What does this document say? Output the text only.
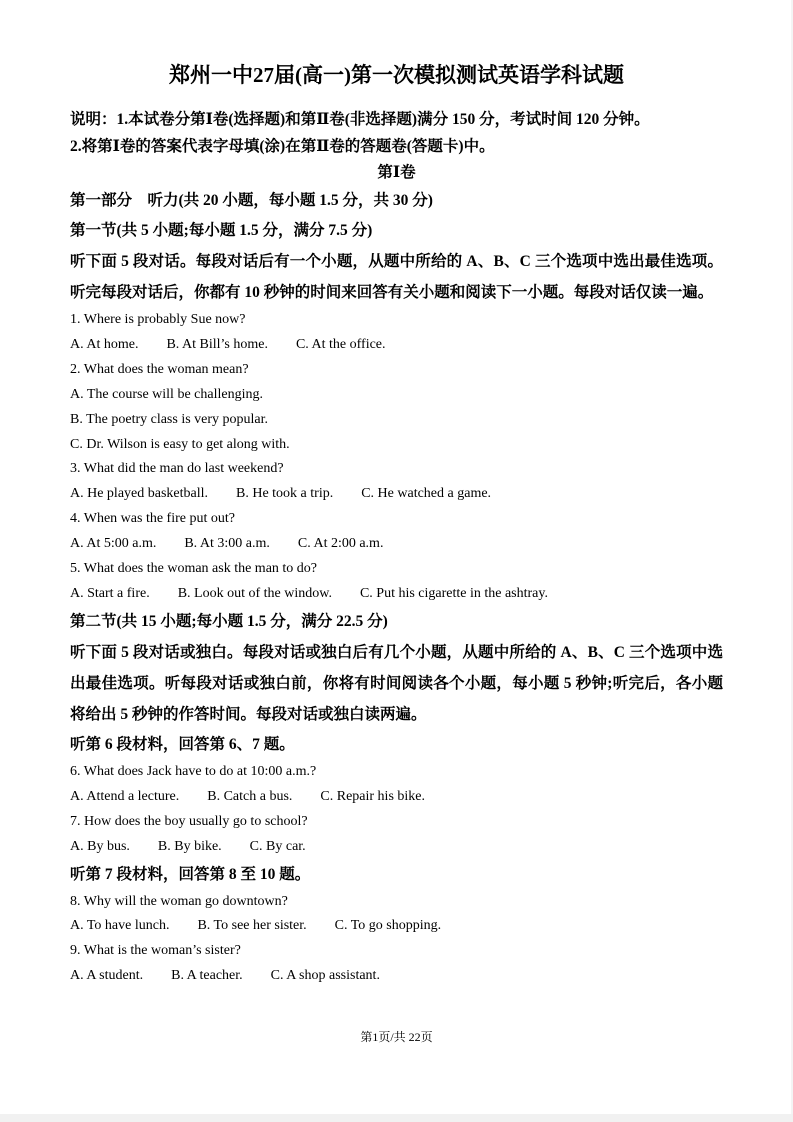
郑州一中27届(高一)第一次模拟测试英语学科试题

说明：1.本试卷分第Ⅰ卷(选择题)和第Ⅱ卷(非选择题)满分 150 分，考试时间 120 分钟。

2.将第Ⅰ卷的答案代表字母填(涂)在第Ⅱ卷的答题卷(答题卡)中。

第Ⅰ卷

第一部分　听力(共 20 小题，每小题 1.5 分，共 30 分)

第一节(共 5 小题;每小题 1.5 分，满分 7.5 分)

听下面 5 段对话。每段对话后有一个小题，从题中所给的 A、B、C 三个选项中选出最佳选项。听完每段对话后，你都有 10 秒钟的时间来回答有关小题和阅读下一小题。每段对话仅读一遍。

1. Where is probably Sue now?

A. At home.　　B. At Bill’s home.　　C. At the office.

2. What does the woman mean?

A. The course will be challenging.

B. The poetry class is very popular.

C. Dr. Wilson is easy to get along with.

3. What did the man do last weekend?

A. He played basketball.　　B. He took a trip.　　C. He watched a game.

4. When was the fire put out?

A. At 5:00 a.m.　　B. At 3:00 a.m.　　C. At 2:00 a.m.

5. What does the woman ask the man to do?

A. Start a fire.　　B. Look out of the window.　　C. Put his cigarette in the ashtray.

第二节(共 15 小题;每小题 1.5 分，满分 22.5 分)

听下面 5 段对话或独白。每段对话或独白后有几个小题，从题中所给的 A、B、C 三个选项中选出最佳选项。听每段对话或独白前，你将有时间阅读各个小题，每小题 5 秒钟;听完后，各小题将给出 5 秒钟的作答时间。每段对话或独白读两遍。

听第 6 段材料，回答第 6、7 题。

6. What does Jack have to do at 10:00 a.m.?

A. Attend a lecture.　　B. Catch a bus.　　C. Repair his bike.

7. How does the boy usually go to school?

A. By bus.　　B. By bike.　　C. By car.

听第 7 段材料，回答第 8 至 10 题。

8. Why will the woman go downtown?

A. To have lunch.　　B. To see her sister.　　C. To go shopping.

9. What is the woman’s sister?

A. A student.　　B. A teacher.　　C. A shop assistant.

第1页/共 22页
